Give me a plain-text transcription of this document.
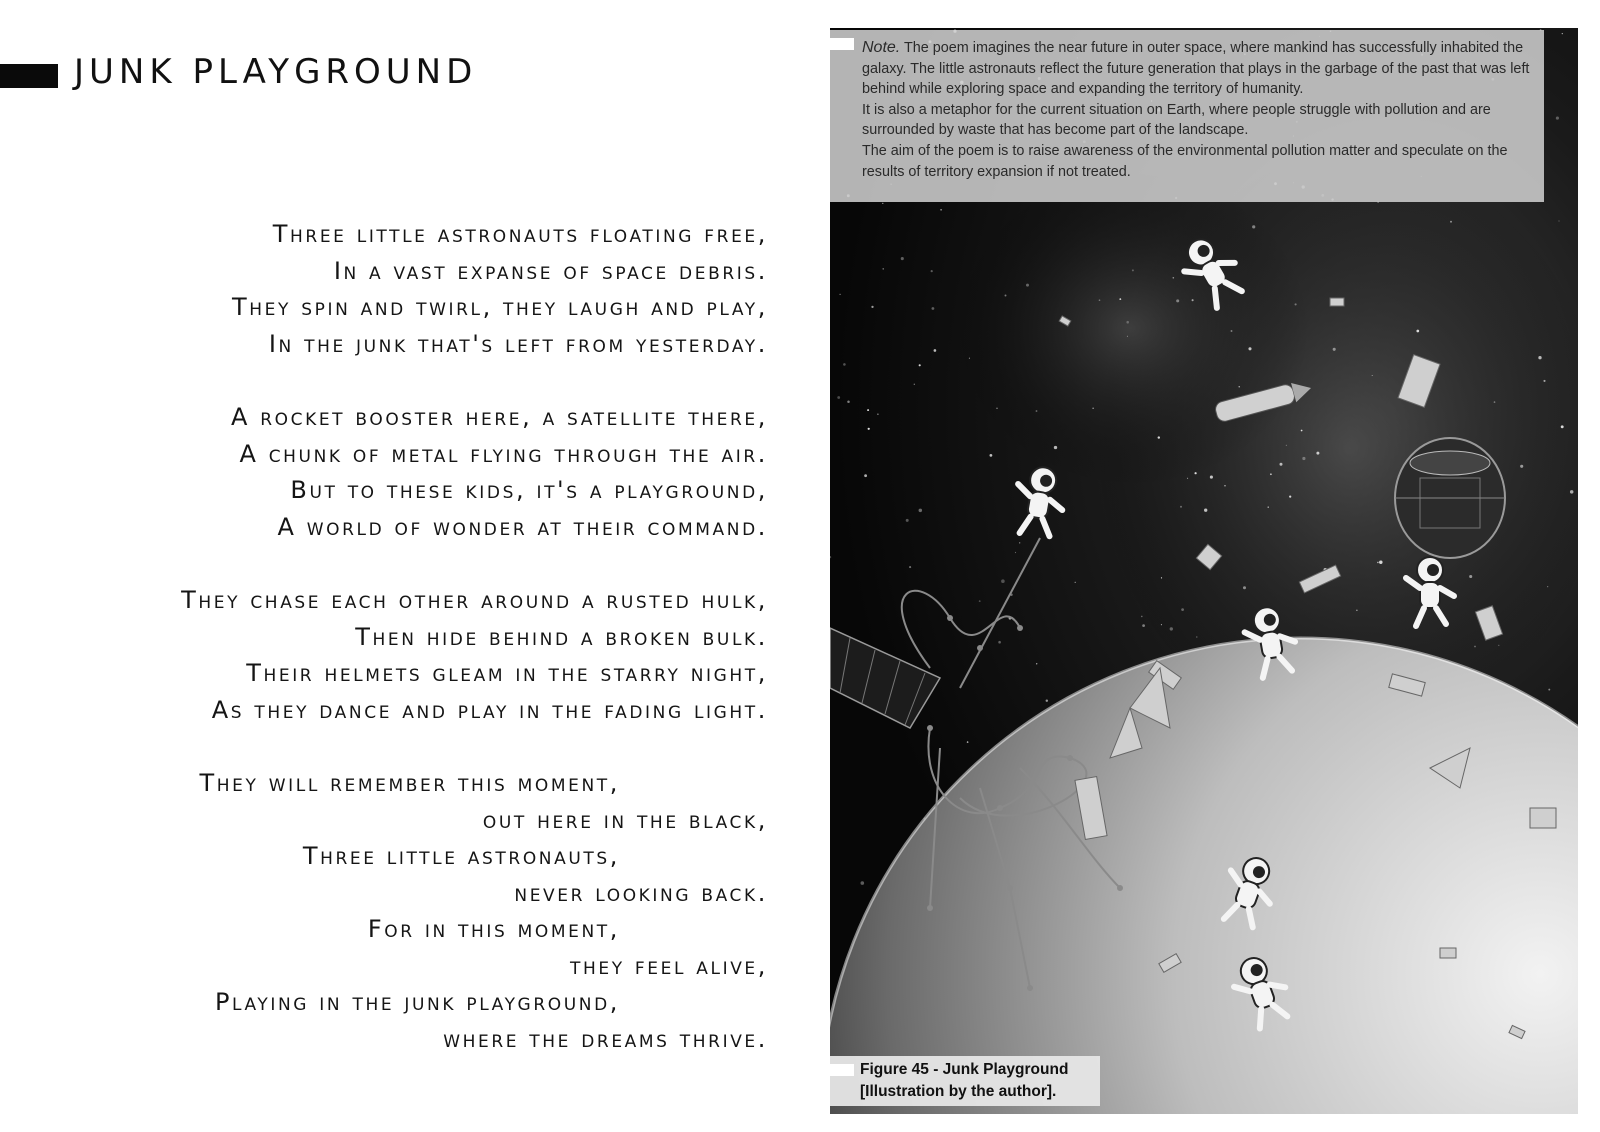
JUNK PLAYGROUND
Three little astronauts floating free,
In a vast expanse of space debris.
They spin and twirl, they laugh and play,
In the junk that's left from yesterday.
A rocket booster here, a satellite there,
A chunk of metal flying through the air.
But to these kids, it's a playground,
A world of wonder at their command.
They chase each other around a rusted hulk,
Then hide behind a broken bulk.
Their helmets gleam in the starry night,
As they dance and play in the fading light.
They will remember this moment,
out here in the black,
Three little astronauts,
never looking back.
For in this moment,
they feel alive,
Playing in the junk playground,
where the dreams thrive.

Note. The poem imagines the near future in outer space, where mankind has successfully inhabited the galaxy. The little astronauts reflect the future generation that plays in the garbage of the past that was left behind while exploring space and expanding the territory of humanity.

It is also a metaphor for the current situation on Earth, where people struggle with pollution and are surrounded by waste that has become part of the landscape.

The aim of the poem is to raise awareness of the environmental pollution matter and speculate on the results of territory expansion if not treated.

Figure 45 - Junk Playground
[Illustration by the author].
